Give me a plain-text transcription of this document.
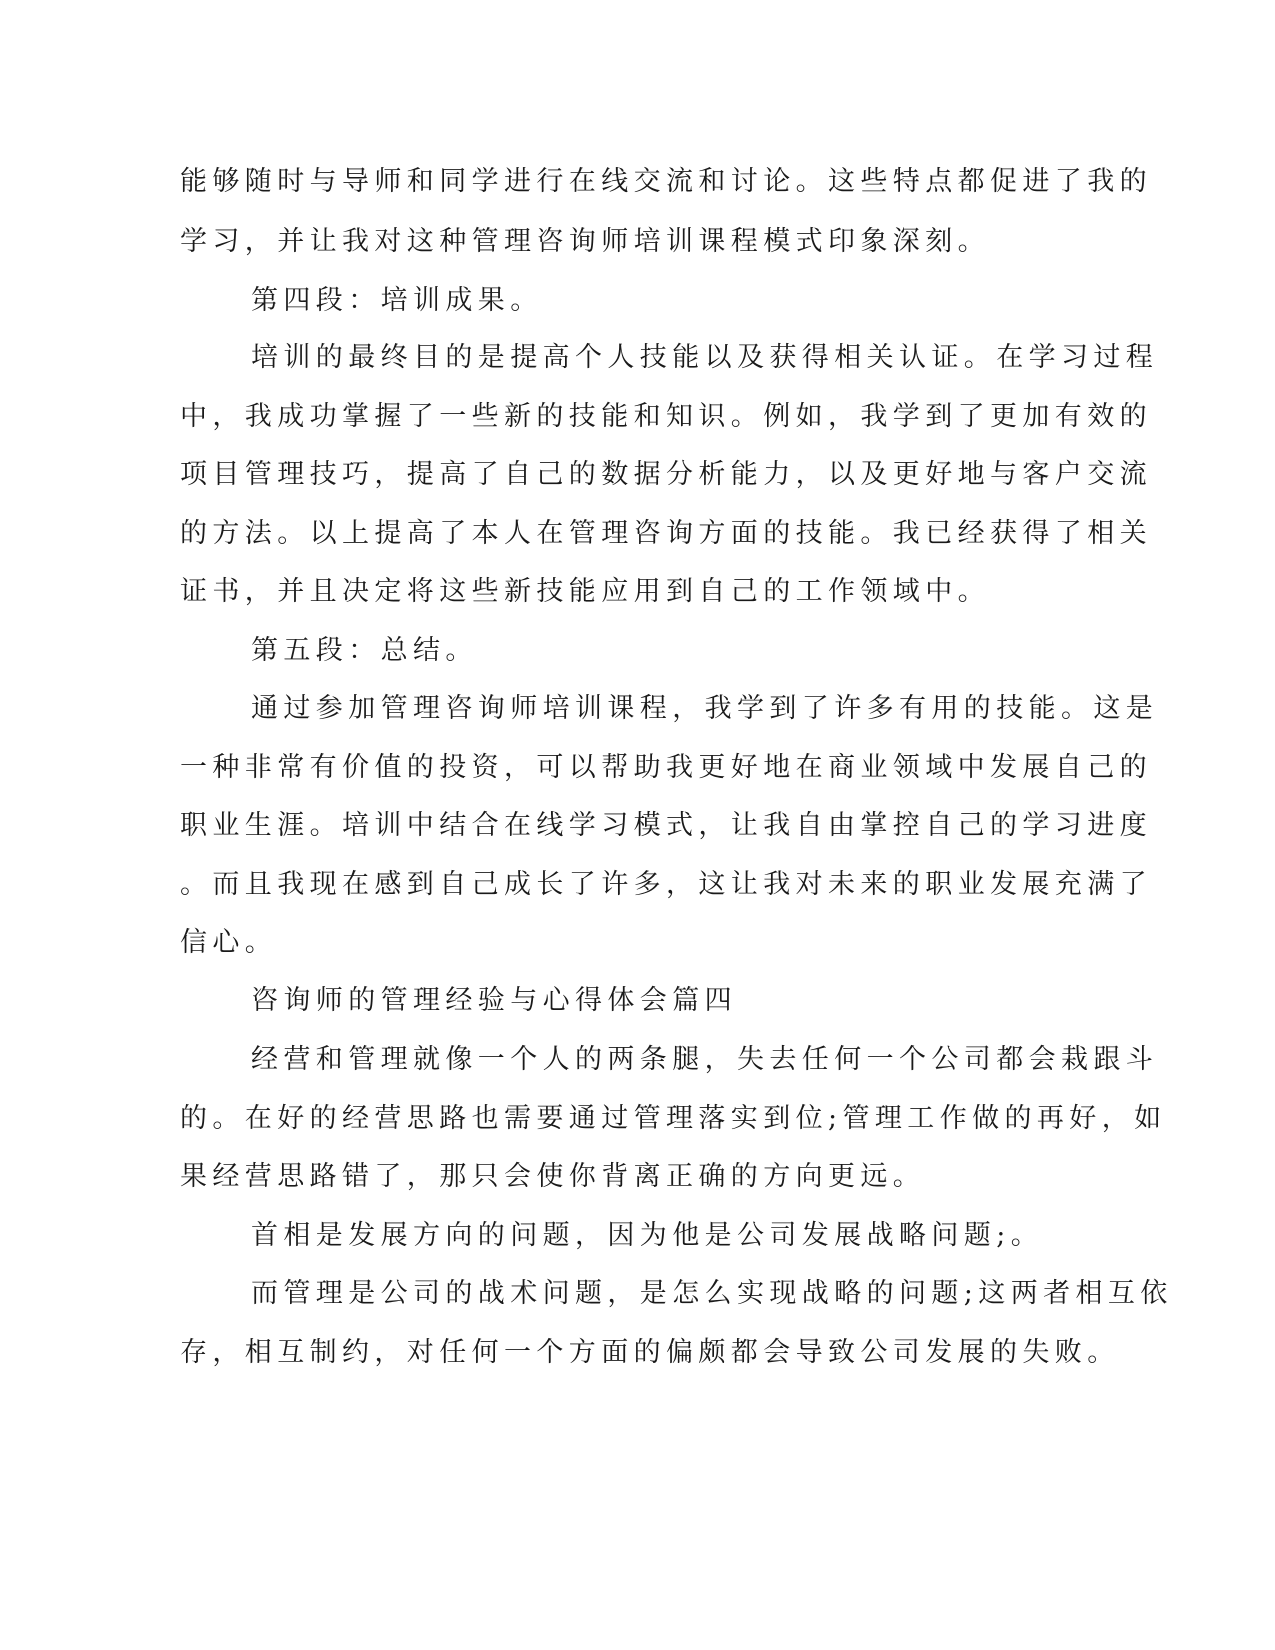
能够随时与导师和同学进行在线交流和讨论。这些特点都促进了我的
学习，并让我对这种管理咨询师培训课程模式印象深刻。
第四段：培训成果。
培训的最终目的是提高个人技能以及获得相关认证。在学习过程
中，我成功掌握了一些新的技能和知识。例如，我学到了更加有效的
项目管理技巧，提高了自己的数据分析能力，以及更好地与客户交流
的方法。以上提高了本人在管理咨询方面的技能。我已经获得了相关
证书，并且决定将这些新技能应用到自己的工作领域中。
第五段：总结。
通过参加管理咨询师培训课程，我学到了许多有用的技能。这是
一种非常有价值的投资，可以帮助我更好地在商业领域中发展自己的
职业生涯。培训中结合在线学习模式，让我自由掌控自己的学习进度
。而且我现在感到自己成长了许多，这让我对未来的职业发展充满了
信心。
咨询师的管理经验与心得体会篇四
经营和管理就像一个人的两条腿，失去任何一个公司都会栽跟斗
的。在好的经营思路也需要通过管理落实到位;管理工作做的再好，如
果经营思路错了，那只会使你背离正确的方向更远。
首相是发展方向的问题，因为他是公司发展战略问题;。
而管理是公司的战术问题，是怎么实现战略的问题;这两者相互依
存，相互制约，对任何一个方面的偏颇都会导致公司发展的失败。
